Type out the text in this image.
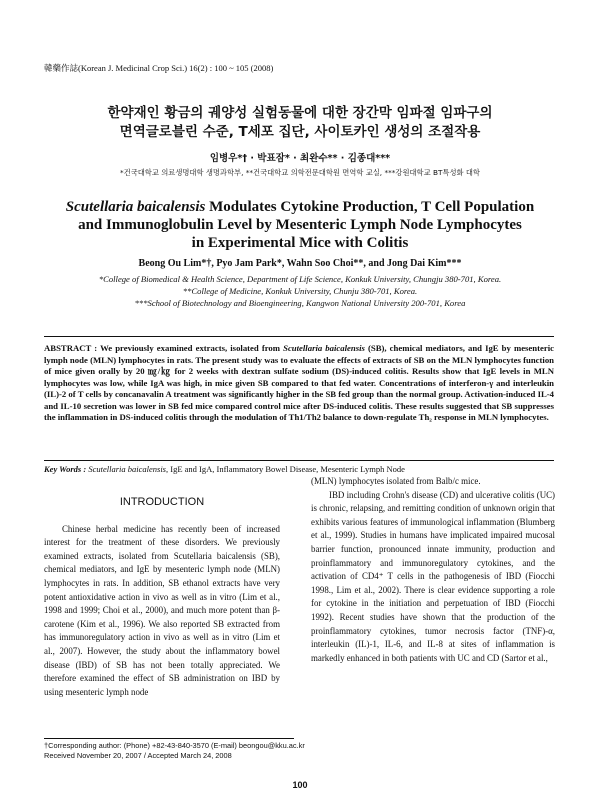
韓藥作誌(Korean J. Medicinal Crop Sci.) 16(2) : 100 ~ 105 (2008)
한약재인 황금의 궤양성 실험동물에 대한 장간막 임파절 임파구의
면역글로블린 수준, T세포 집단, 사이토카인 생성의 조절작용
임병우*† · 박표잠* · 최완수** · 김종대***
*건국대학교 의료생명대학 생명과학부, **건국대학교 의학전문대학원 면역학 교실, ***강원대학교 BT특성화 대학
Scutellaria baicalensis Modulates Cytokine Production, T Cell Population
and Immunoglobulin Level by Mesenteric Lymph Node Lymphocytes
in Experimental Mice with Colitis
Beong Ou Lim*†, Pyo Jam Park*, Wahn Soo Choi**, and Jong Dai Kim***
*College of Biomedical & Health Science, Department of Life Science, Konkuk University, Chungju 380-701, Korea.
**College of Medicine, Konkuk University, Chunju 380-701, Korea.
***School of Biotechnology and Bioengineering, Kangwon National University 200-701, Korea
ABSTRACT : We previously examined extracts, isolated from Scutellaria baicalensis (SB), chemical mediators, and IgE by mesenteric lymph node (MLN) lymphocytes in rats. The present study was to evaluate the effects of extracts of SB on the MLN lymphocytes function of mice given orally by 20 ㎎/㎏ for 2 weeks with dextran sulfate sodium (DS)-induced colitis. Results show that IgE levels in MLN lymphocytes was low, while IgA was high, in mice given SB compared to that fed water. Concentrations of interferon-γ and interleukin (IL)-2 of T cells by concanavalin A treatment was significantly higher in the SB fed group than the normal group. Activation-induced IL-4 and IL-10 secretion was lower in SB fed mice compared control mice after DS-induced colitis. These results suggested that SB suppresses the inflammation in DS-induced colitis through the modulation of Th1/Th2 balance to down-regulate Th₂ response in MLN lymphocytes.
Key Words : Scutellaria baicalensis, IgE and IgA, Inflammatory Bowel Disease, Mesenteric Lymph Node
INTRODUCTION

Chinese herbal medicine has recently been of increased interest for the treatment of these disorders. We previously examined extracts, isolated from Scutellaria baicalensis (SB), chemical mediators, and IgE by mesenteric lymph node (MLN) lymphocytes in rats. In addition, SB ethanol extracts have very potent antioxidative action in vivo as well as in vitro (Lim et al., 1998 and 1999; Choi et al., 2000), and much more potent than β-carotene (Kim et al., 1996). We also reported SB extracted from has immunoregulatory action in vivo as well as in vitro (Lim et al., 2007). However, the study about the inflammatory bowel disease (IBD) of SB has not been totally appreciated. We therefore examined the effect of SB administration on IBD by using mesenteric lymph node

(MLN) lymphocytes isolated from Balb/c mice.

IBD including Crohn's disease (CD) and ulcerative colitis (UC) is chronic, relapsing, and remitting condition of unknown origin that exhibits various features of immunological inflammation (Blumberg et al., 1999). Studies in humans have implicated impaired mucosal barrier function, pronounced innate immunity, production and proinflammatory and immunoregulatory cytokines, and the activation of CD4⁺ T cells in the pathogenesis of IBD (Fiocchi 1998., Lim et al., 2002). There is clear evidence supporting a role for cytokine in the initiation and perpetuation of IBD (Fiocchi 1992). Recent studies have shown that the production of the proinflammatory cytokines, tumor necrosis factor (TNF)-α, interleukin (IL)-1, IL-6, and IL-8 at sites of inflammation is markedly enhanced in both patients with UC and CD (Sartor et al.,

†Corresponding author: (Phone) +82-43-840-3570 (E-mail) beongou@kku.ac.kr
Received November 20, 2007 / Accepted March 24, 2008
100
